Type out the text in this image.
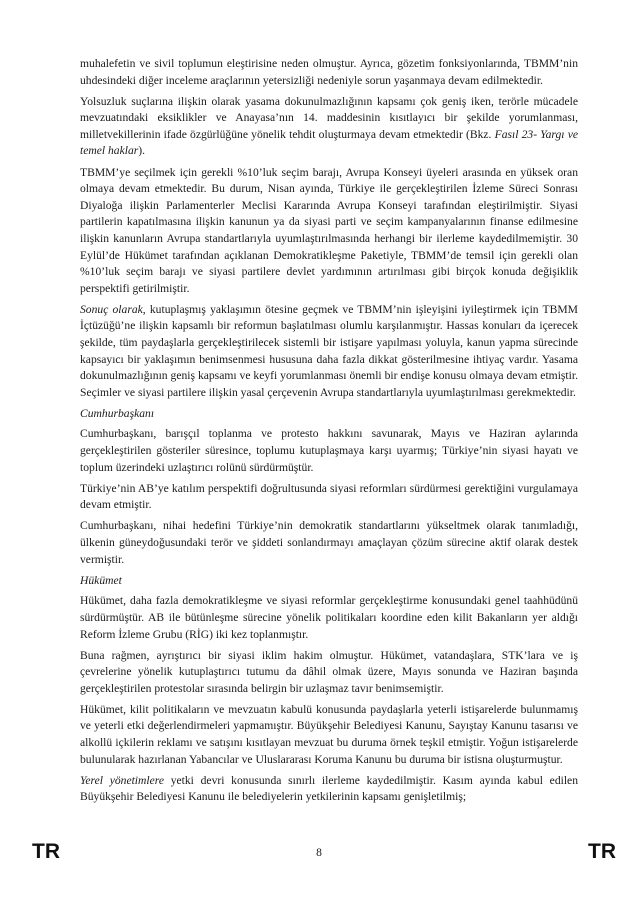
muhalefetin ve sivil toplumun eleştirisine neden olmuştur. Ayrıca, gözetim fonksiyonlarında, TBMM’nin uhdesindeki diğer inceleme araçlarının yetersizliği nedeniyle sorun yaşanmaya devam edilmektedir.

Yolsuzluk suçlarına ilişkin olarak yasama dokunulmazlığının kapsamı çok geniş iken, terörle mücadele mevzuatındaki eksiklikler ve Anayasa’nın 14. maddesinin kısıtlayıcı bir şekilde yorumlanması, milletvekillerinin ifade özgürlüğüne yönelik tehdit oluşturmaya devam etmektedir (Bkz. Fasıl 23- Yargı ve temel haklar).

TBMM’ye seçilmek için gerekli %10’luk seçim barajı, Avrupa Konseyi üyeleri arasında en yüksek oran olmaya devam etmektedir. Bu durum, Nisan ayında, Türkiye ile gerçekleştirilen İzleme Süreci Sonrası Diyaloğa ilişkin Parlamenterler Meclisi Kararında Avrupa Konseyi tarafından eleştirilmiştir. Siyasi partilerin kapatılmasına ilişkin kanunun ya da siyasi parti ve seçim kampanyalarının finanse edilmesine ilişkin kanunların Avrupa standartlarıyla uyumlaştırılmasında herhangi bir ilerleme kaydedilmemiştir. 30 Eylül’de Hükümet tarafından açıklanan Demokratikleşme Paketiyle, TBMM’de temsil için gerekli olan %10’luk seçim barajı ve siyasi partilere devlet yardımının artırılması gibi birçok konuda değişiklik perspektifi getirilmiştir.

Sonuç olarak, kutuplaşmış yaklaşımın ötesine geçmek ve TBMM’nin işleyişini iyileştirmek için TBMM İçtüzüğü’ne ilişkin kapsamlı bir reformun başlatılması olumlu karşılanmıştır. Hassas konuları da içerecek şekilde, tüm paydaşlarla gerçekleştirilecek sistemli bir istişare yapılması yoluyla, kanun yapma sürecinde kapsayıcı bir yaklaşımın benimsenmesi hususuna daha fazla dikkat gösterilmesine ihtiyaç vardır. Yasama dokunulmazlığının geniş kapsamı ve keyfi yorumlanması önemli bir endişe konusu olmaya devam etmiştir. Seçimler ve siyasi partilere ilişkin yasal çerçevenin Avrupa standartlarıyla uyumlaştırılması gerekmektedir.

Cumhurbaşkanı

Cumhurbaşkanı, barışçıl toplanma ve protesto hakkını savunarak, Mayıs ve Haziran aylarında gerçekleştirilen gösteriler süresince, toplumu kutuplaşmaya karşı uyarmış; Türkiye’nin siyasi hayatı ve toplum üzerindeki uzlaştırıcı rolünü sürdürmüştür.

Türkiye’nin AB’ye katılım perspektifi doğrultusunda siyasi reformları sürdürmesi gerektiğini vurgulamaya devam etmiştir.

Cumhurbaşkanı, nihai hedefini Türkiye’nin demokratik standartlarını yükseltmek olarak tanımladığı, ülkenin güneydoğusundaki terör ve şiddeti sonlandırmayı amaçlayan çözüm sürecine aktif olarak destek vermiştir.

Hükümet

Hükümet, daha fazla demokratikleşme ve siyasi reformlar gerçekleştirme konusundaki genel taahhüdünü sürdürmüştür. AB ile bütünleşme sürecine yönelik politikaları koordine eden kilit Bakanların yer aldığı Reform İzleme Grubu (RİG) iki kez toplanmıştır.

Buna rağmen, ayrıştırıcı bir siyasi iklim hakim olmuştur. Hükümet, vatandaşlara, STK’lara ve iş çevrelerine yönelik kutuplaştırıcı tutumu da dâhil olmak üzere, Mayıs sonunda ve Haziran başında gerçekleştirilen protestolar sırasında belirgin bir uzlaşmaz tavır benimsemiştir.

Hükümet, kilit politikaların ve mevzuatın kabulü konusunda paydaşlarla yeterli istişarelerde bulunmamış ve yeterli etki değerlendirmeleri yapmamıştır. Büyükşehir Belediyesi Kanunu, Sayıştay Kanunu tasarısı ve alkollü içkilerin reklamı ve satışını kısıtlayan mevzuat bu duruma örnek teşkil etmiştir. Yoğun istişarelerde bulunularak hazırlanan Yabancılar ve Uluslararası Koruma Kanunu bu duruma bir istisna oluşturmuştur.

Yerel yönetimlere yetki devri konusunda sınırlı ilerleme kaydedilmiştir. Kasım ayında kabul edilen Büyükşehir Belediyesi Kanunu ile belediyelerin yetkilerinin kapsamı genişletilmiş;

TR	8	TR
